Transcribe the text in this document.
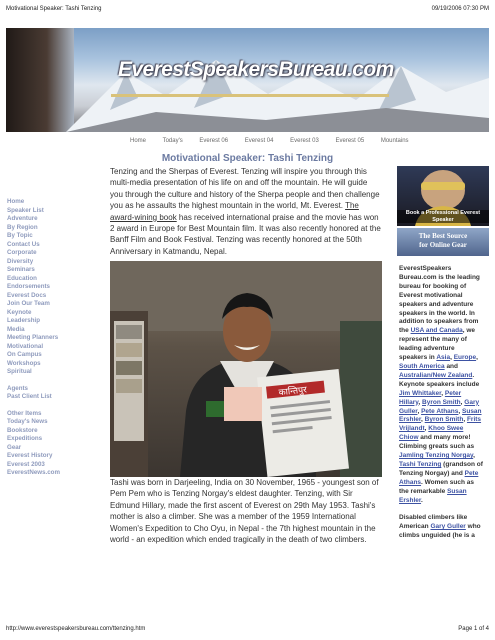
Motivational Speaker: Tashi Tenzing	09/19/2006 07:30 PM
EverestSpeakersBureau.com
Home	Today's	Everest 06	Everest 04	Everest 03	Everest 05	Mountains
Motivational Speaker: Tashi Tenzing
Home
Speaker List
Adventure
By Region
By Topic
Contact Us
Corporate
Diversity
Seminars
Education
Endorsements
Everest Docs
Join Our Team
Keynote
Leadership
Media
Meeting Planners
Motivational
On Campus
Workshops
Spiritual
Agents
Past Client List
Other Items
Today's News
Bookstore
Expeditions
Gear
Everest History
Everest 2003
EverestNews.com

Tenzing and the Sherpas of Everest. Tenzing will inspire you through this multi-media presentation of his life on and off the mountain. He will guide you through the culture and history of the Sherpa people and then challenge you as he assaults the highest mountain in the world, Mt. Everest. The award-wining book has received international praise and the movie has won 2 award in Europe for Best Mountain film. It was also recently honored at the Banff Film and Book Festival. Tenzing was recently honored at the 50th Anniversary in Katmandu, Nepal.

कान्तिपुर

Tashi was born in Darjeeling, India on 30 November, 1965 - youngest son of Pem Pem who is Tenzing Norgay's eldest daughter. Tenzing, with Sir Edmund Hillary, made the first ascent of Everest on 29th May 1953. Tashi's mother is also a climber. She was a member of the 1959 International Women's Expedition to Cho Oyu, in Nepal - the 7th highest mountain in the world - an expedition which ended tragically in the death of two climbers.

Book a Professional Everest Speaker
The Best Source
for Online Gear
EverestSpeakers Bureau.com is the leading bureau for booking of Everest motivational speakers and adventure speakers in the world. In addition to speakers from the USA and Canada, we represent the many of leading adventure speakers in Asia, Europe, South America and Australian/New Zealand. Keynote speakers include Jim Whittaker, Peter Hillary, Byron Smith, Gary Guller, Pete Athans, Susan Ershler, Byron Smith, Frits Vrijlandt, Khoo Swee Chiow and many more! Climbing greats such as Jamling Tenzing Norgay, Tashi Tenzing (grandson of Tenzing Norgay) and Pete Athans. Women such as the remarkable Susan Ershler.
Disabled climbers like American Gary Guller who climbs unguided (he is a
http://www.everestspeakersbureau.com/ttenzing.htm	Page 1 of 4
